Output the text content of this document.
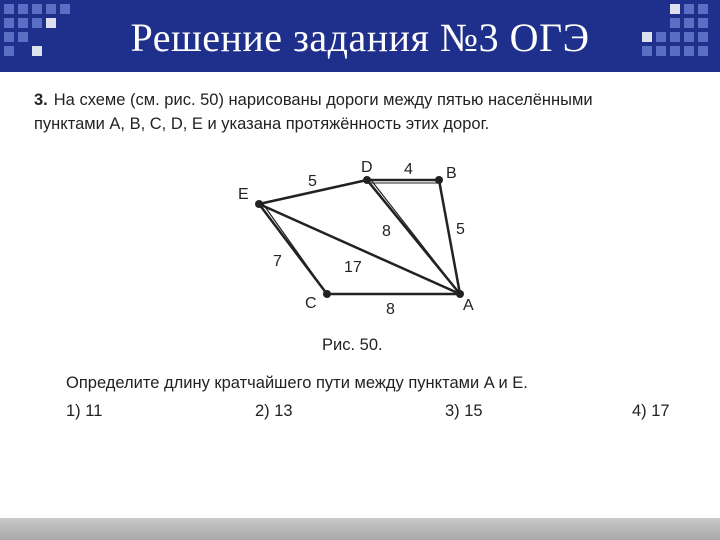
Решение задания №3 ОГЭ
3. На схеме (см. рис. 50) нарисованы дороги между пятью населёнными
пунктами A, B, C, D, E и указана протяжённость этих дорог.
E
D	B
C	A
5
4
5
8
17
7
8
Рис. 50.
Определите длину кратчайшего пути между пунктами A и E.
1) 11	2) 13	3) 15	4) 17
